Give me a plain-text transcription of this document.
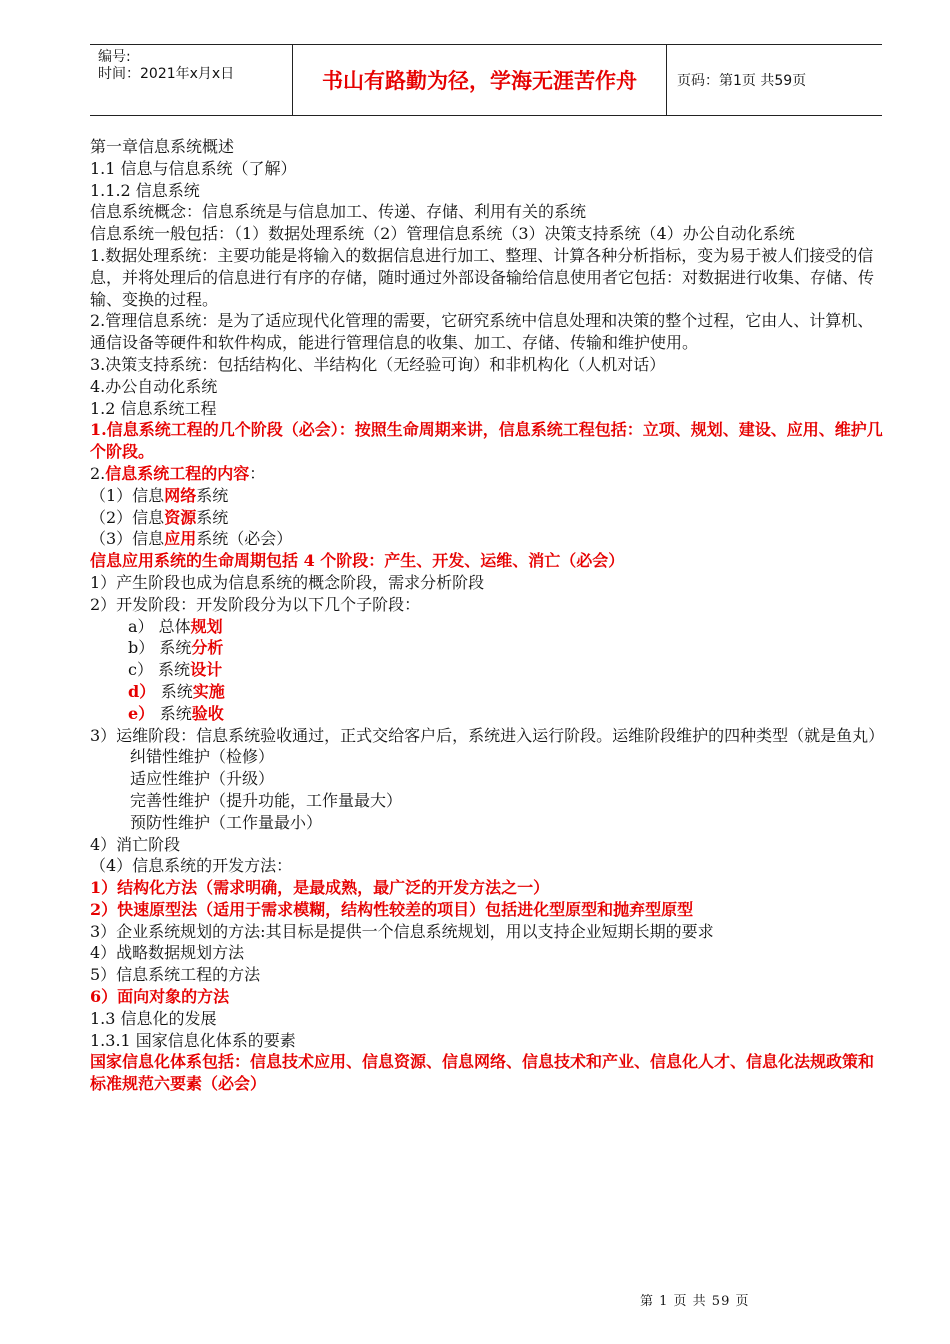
编号:
时间：2021年x月x日	书山有路勤为径，学海无涯苦作舟	页码：第1页 共59页
第一章信息系统概述
1.1 信息与信息系统（了解）
1.1.2 信息系统
信息系统概念：信息系统是与信息加工、传递、存储、利用有关的系统
信息系统一般包括：（1）数据处理系统（2）管理信息系统（3）决策支持系统（4）办公自动化系统
1.数据处理系统：主要功能是将输入的数据信息进行加工、整理、计算各种分析指标，变为易于被人们接受的信息，并将处理后的信息进行有序的存储，随时通过外部设备输给信息使用者它包括：对数据进行收集、存储、传输、变换的过程。
2.管理信息系统：是为了适应现代化管理的需要，它研究系统中信息处理和决策的整个过程，它由人、计算机、通信设备等硬件和软件构成，能进行管理信息的收集、加工、存储、传输和维护使用。
3.决策支持系统：包括结构化、半结构化（无经验可询）和非机构化（人机对话）
4.办公自动化系统
1.2 信息系统工程
1.信息系统工程的几个阶段（必会）：按照生命周期来讲，信息系统工程包括：立项、规划、建设、应用、维护几个阶段。
2.信息系统工程的内容：
（1）信息网络系统
（2）信息资源系统
（3）信息应用系统（必会）
信息应用系统的生命周期包括 4 个阶段：产生、开发、运维、消亡（必会）
1）产生阶段也成为信息系统的概念阶段，需求分析阶段
2）开发阶段：开发阶段分为以下几个子阶段：
a） 总体规划
b） 系统分析
c） 系统设计
d） 系统实施
e） 系统验收
3）运维阶段：信息系统验收通过，正式交给客户后，系统进入运行阶段。运维阶段维护的四种类型（就是鱼丸）
纠错性维护（检修）
适应性维护（升级）
完善性维护（提升功能，工作量最大）
预防性维护（工作量最小）
4）消亡阶段
（4）信息系统的开发方法：
1）结构化方法（需求明确，是最成熟，最广泛的开发方法之一）
2）快速原型法（适用于需求模糊，结构性较差的项目）包括进化型原型和抛弃型原型
3）企业系统规划的方法:其目标是提供一个信息系统规划，用以支持企业短期长期的要求
4）战略数据规划方法
5）信息系统工程的方法
6）面向对象的方法
1.3 信息化的发展
1.3.1 国家信息化体系的要素
国家信息化体系包括：信息技术应用、信息资源、信息网络、信息技术和产业、信息化人才、信息化法规政策和标准规范六要素（必会）
第 1 页 共 59 页
